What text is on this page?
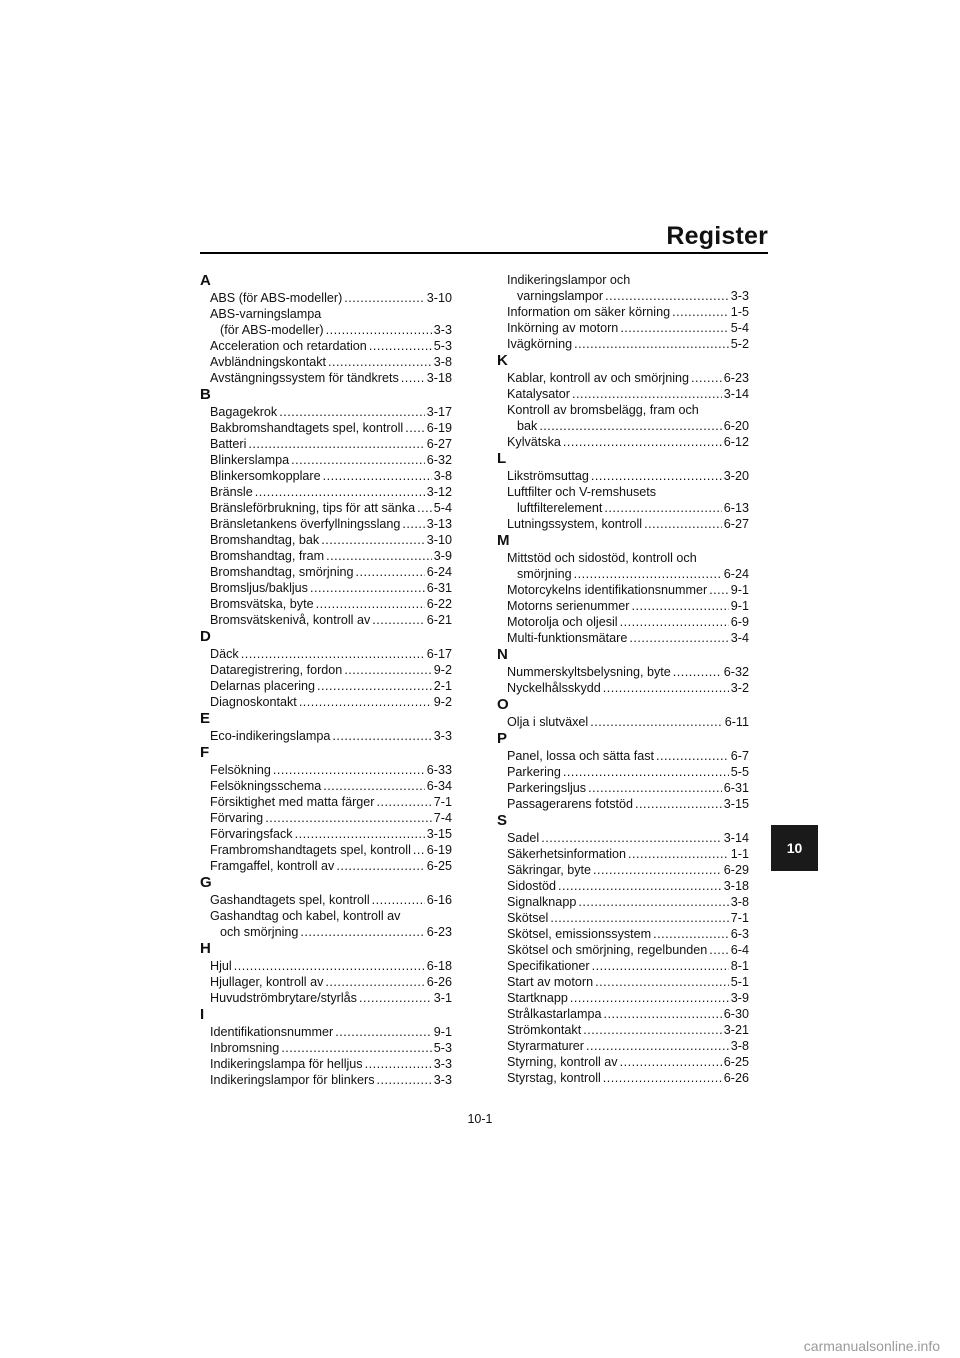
Register
A
ABS (för ABS-modeller) .....	3-10
ABS-varningslampa
(för ABS-modeller) .....	3-3
Acceleration och retardation .....	5-3
Avbländningskontakt .....	3-8
Avstängningssystem för tändkrets ..... 3-18
B
Bagagekrok .....	3-17
Bakbromshandtagets spel, kontroll ..... 6-19
Batteri .....	6-27
Blinkerslampa .....	6-32
Blinkersomkopplare .....	3-8
Bränsle .....	3-12
Bränsleförbrukning, tips för att sänka ..... 5-4
Bränsletankens överfyllningsslang ..... 3-13
Bromshandtag, bak .....	3-10
Bromshandtag, fram .....	3-9
Bromshandtag, smörjning .....	6-24
Bromsljus/bakljus .....	6-31
Bromsvätska, byte .....	6-22
Bromsvätskenivå, kontroll av .....	6-21
D
Däck .....	6-17
Dataregistrering, fordon .....	9-2
Delarnas placering .....	2-1
Diagnoskontakt .....	9-2
E
Eco-indikeringslampa .....	3-3
F
Felsökning .....	6-33
Felsökningsschema .....	6-34
Försiktighet med matta färger .....	7-1
Förvaring .....	7-4
Förvaringsfack .....	3-15
Frambromshandtagets spel, kontroll ..... 6-19
Framgaffel, kontroll av .....	6-25
G
Gashandtagets spel, kontroll .....	6-16
Gashandtag och kabel, kontroll av
och smörjning .....	6-23
H
Hjul .....	6-18
Hjullager, kontroll av .....	6-26
Huvudströmbrytare/styrlås .....	3-1
I
Identifikationsnummer .....	9-1
Inbromsning .....	5-3
Indikeringslampa för helljus .....	3-3
Indikeringslampor för blinkers .....	3-3
Indikeringslampor och
varningslampor .....	3-3
Information om säker körning .....	1-5
Inkörning av motorn .....	5-4
Ivägkörning .....	5-2
K
Kablar, kontroll av och smörjning .....	6-23
Katalysator .....	3-14
Kontroll av bromsbelägg, fram och
bak .....	6-20
Kylvätska .....	6-12
L
Likströmsuttag .....	3-20
Luftfilter och V-remshusets
luftfilterelement .....	6-13
Lutningssystem, kontroll .....	6-27
M
Mittstöd och sidostöd, kontroll och
smörjning .....	6-24
Motorcykelns identifikationsnummer ..... 9-1
Motorns serienummer .....	9-1
Motorolja och oljesil .....	6-9
Multi-funktionsmätare .....	3-4
N
Nummerskyltsbelysning, byte .....	6-32
Nyckelhålsskydd .....	3-2
O
Olja i slutväxel .....	6-11
P
Panel, lossa och sätta fast .....	6-7
Parkering .....	5-5
Parkeringsljus .....	6-31
Passagerarens fotstöd .....	3-15
S
Sadel .....	3-14
Säkerhetsinformation .....	1-1
Säkringar, byte .....	6-29
Sidostöd .....	3-18
Signalknapp .....	3-8
Skötsel .....	7-1
Skötsel, emissionssystem .....	6-3
Skötsel och smörjning, regelbunden ..... 6-4
Specifikationer .....	8-1
Start av motorn .....	5-1
Startknapp .....	3-9
Strålkastarlampa .....	6-30
Strömkontakt .....	3-21
Styrarmaturer .....	3-8
Styrning, kontroll av .....	6-25
Styrstag, kontroll .....	6-26
10
10-1
carmanualsonline.info
